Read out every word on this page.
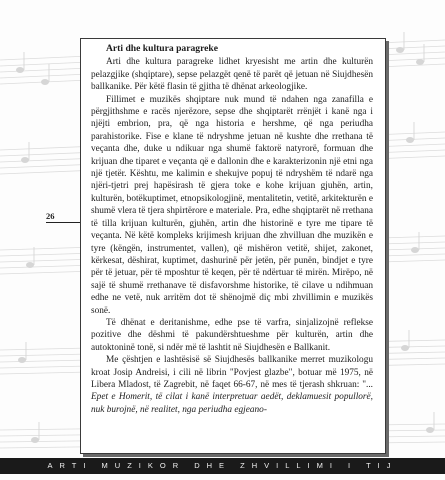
26
Arti dhe kultura paragreke

Arti dhe kultura paragreke lidhet kryesisht me artin dhe kulturën pelazgjike (shqiptare), sepse pelazgët qenë të parët që jetuan në Siujdhesën ballkanike. Për këtë flasin të gjitha të dhënat arkeologjike.

Fillimet e muzikës shqiptare nuk mund të ndahen nga zanafilla e përgjithshme e racës njerëzore, sepse dhe shqiptarët rrënjët i kanë nga i njëjti embrion, pra, që nga historia e hershme, që nga periudha parahistorike. Fise e klane të ndryshme jetuan në kushte dhe rrethana të veçanta dhe, duke u ndikuar nga shumë faktorë natyrorë, formuan dhe krijuan dhe tiparet e veçanta që e dallonin dhe e karakterizonin një etni nga një tjetër. Kështu, me kalimin e shekujve popuj të ndryshëm të ndarë nga njëri-tjetri prej hapësirash të gjera toke e kohe krijuan gjuhën, artin, kulturën, botëkuptimet, etnopsikologjinë, mentalitetin, vetitë, arkitekturën e shumë vlera të tjera shpirtërore e materiale. Pra, edhe shqiptarët në rrethana të tilla krijuan kulturën, gjuhën, artin dhe historinë e tyre me tipare të veçanta. Në këtë kompleks krijimesh krijuan dhe zhvilluan dhe muzikën e tyre (këngën, instrumentet, vallen), që mishëron vetitë, shijet, zakonet, kërkesat, dëshirat, kuptimet, dashurinë për jetën, për punën, bindjet e tyre për të jetuar, për të mposhtur të keqen, për të ndërtuar të mirën. Mirëpo, në sajë të shumë rrethanave të disfavorshme historike, të cilave u ndihmuan edhe ne vetë, nuk arritëm dot të shënojmë diç mbi zhvillimin e muzikës sonë.

Të dhënat e deritanishme, edhe pse të varfra, sinjalizojnë reflekse pozitive dhe dëshmi të pakundërshtueshme për kulturën, artin dhe autoktoninë tonë, si ndër më të lashtit në Siujdhesën e Ballkanit.

Me çështjen e lashtësisë së Siujdhesës ballkanike merret muzikologu kroat Josip Andreisi, i cili në librin "Povjest glazbe", botuar më 1975, në Libera Mladost, të Zagrebit, në faqet 66-67, në mes të tjerash shkruan: "... Epet e Homerit, të cilat i kanë interpretuar aedët, deklamuesit popullorë, nuk burojnë, në realitet, nga periudha egjeano-

ARTI MUZIKOR DHE ZHVILLIMI I TIJ
